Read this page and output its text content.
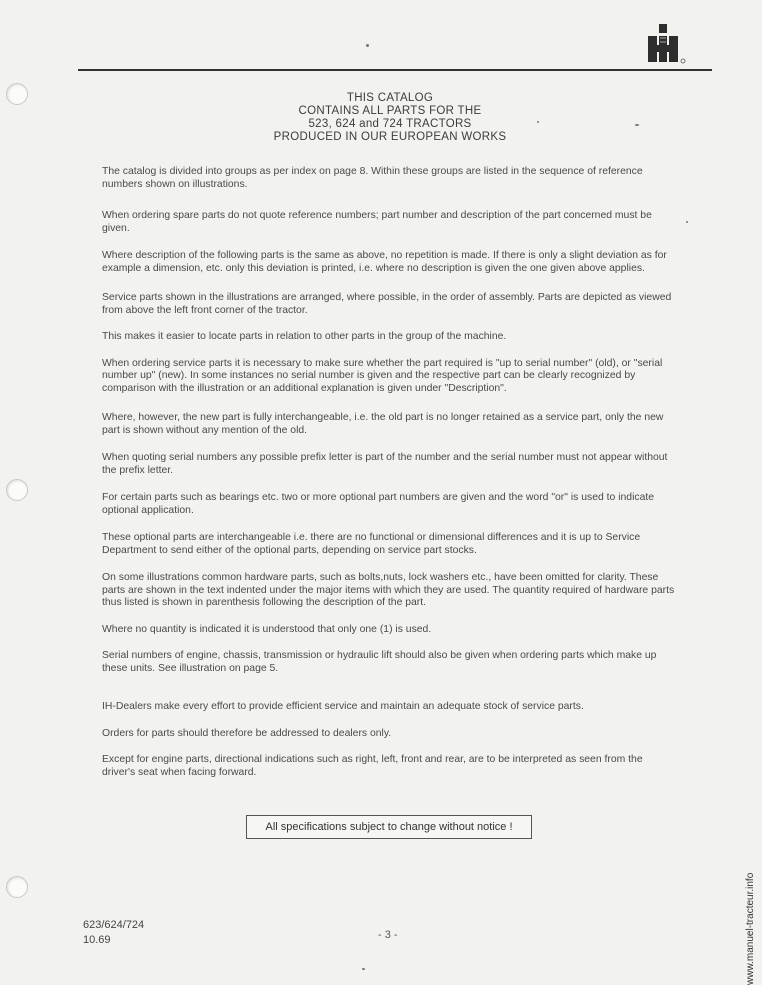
THIS CATALOG
CONTAINS ALL PARTS FOR THE
523, 624 and 724 TRACTORS
PRODUCED IN OUR EUROPEAN WORKS

The catalog is divided into groups as per index on page 8. Within these groups are listed in the sequence of reference numbers shown on illustrations.

When ordering spare parts do not quote reference numbers; part number and description of the part concerned must be given.

Where description of the following parts is the same as above, no repetition is made. If there is only a slight deviation as for example a dimension, etc. only this deviation is printed, i.e. where no description is given the one given above applies.

Service parts shown in the illustrations are arranged, where possible, in the order of assembly. Parts are depicted as viewed from above the left front corner of the tractor.

This makes it easier to locate parts in relation to other parts in the group of the machine.

When ordering service parts it is necessary to make sure whether the part required is "up to serial number" (old), or "serial number up" (new). In some instances no serial number is given and the respective part can be clearly recognized by comparison with the illustration or an additional explanation is given under "Description".

Where, however, the new part is fully interchangeable, i.e. the old part is no longer retained as a service part, only the new part is shown without any mention of the old.

When quoting serial numbers any possible prefix letter is part of the number and the serial number must not appear without the prefix letter.

For certain parts such as bearings etc. two or more optional part numbers are given and the word "or" is used to indicate optional application.

These optional parts are interchangeable i.e. there are no functional or dimensional differences and it is up to Service Department to send either of the optional parts, depending on service part stocks.

On some illustrations common hardware parts, such as bolts,nuts, lock washers etc., have been omitted for clarity. These parts are shown in the text indented under the major items with which they are used. The quantity required of hardware parts thus listed is shown in parenthesis following the description of the part.

Where no quantity is indicated it is understood that only one (1) is used.

Serial numbers of engine, chassis, transmission or hydraulic lift should also be given when ordering parts which make up these units. See illustration on page 5.

IH-Dealers make every effort to provide efficient service and maintain an adequate stock of service parts.

Orders for parts should therefore be addressed to dealers only.

Except for engine parts, directional indications such as right, left, front and rear, are to be interpreted as seen from the driver's seat when facing forward.

All specifications subject to change without notice !
623/624/724
10.69	- 3 -	www.manuel-tracteur.info
